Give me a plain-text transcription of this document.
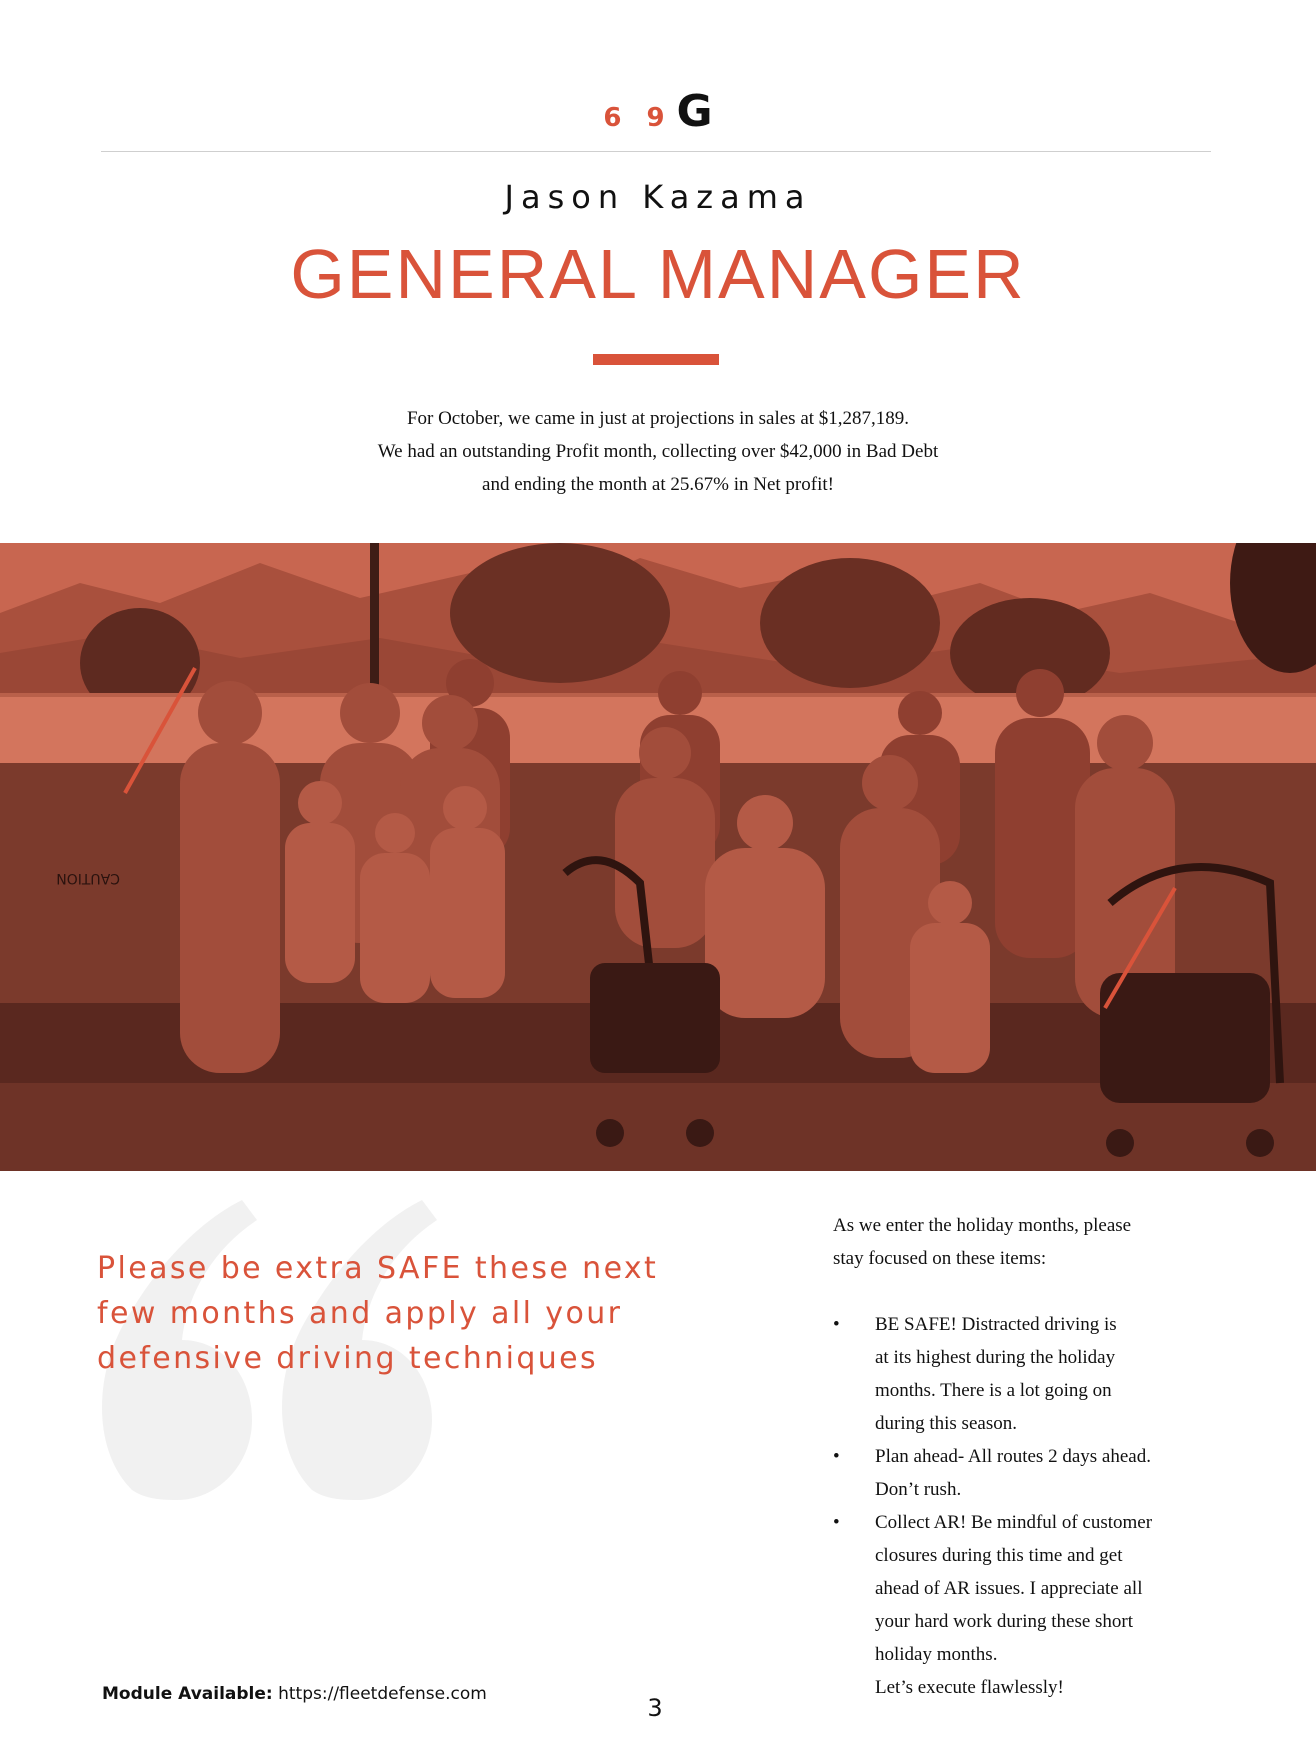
6 9 G
Jason Kazama
GENERAL MANAGER
For October, we came in just at projections in sales at $1,287,189.
We had an outstanding Profit month, collecting over $42,000 in Bad Debt
and ending the month at 25.67% in Net profit!
CAUTION
Please be extra SAFE these next few months and apply all your defensive driving techniques
As we enter the holiday months, please
stay focused on these items:
• BE SAFE! Distracted driving is
at its highest during the holiday
months. There is a lot going on
during this season.
• Plan ahead- All routes 2 days ahead.
Don’t rush.
• Collect AR! Be mindful of customer
closures during this time and get
ahead of AR issues. I appreciate all
your hard work during these short
holiday months.
Let’s execute flawlessly!
Module Available: https://fleetdefense.com	3
